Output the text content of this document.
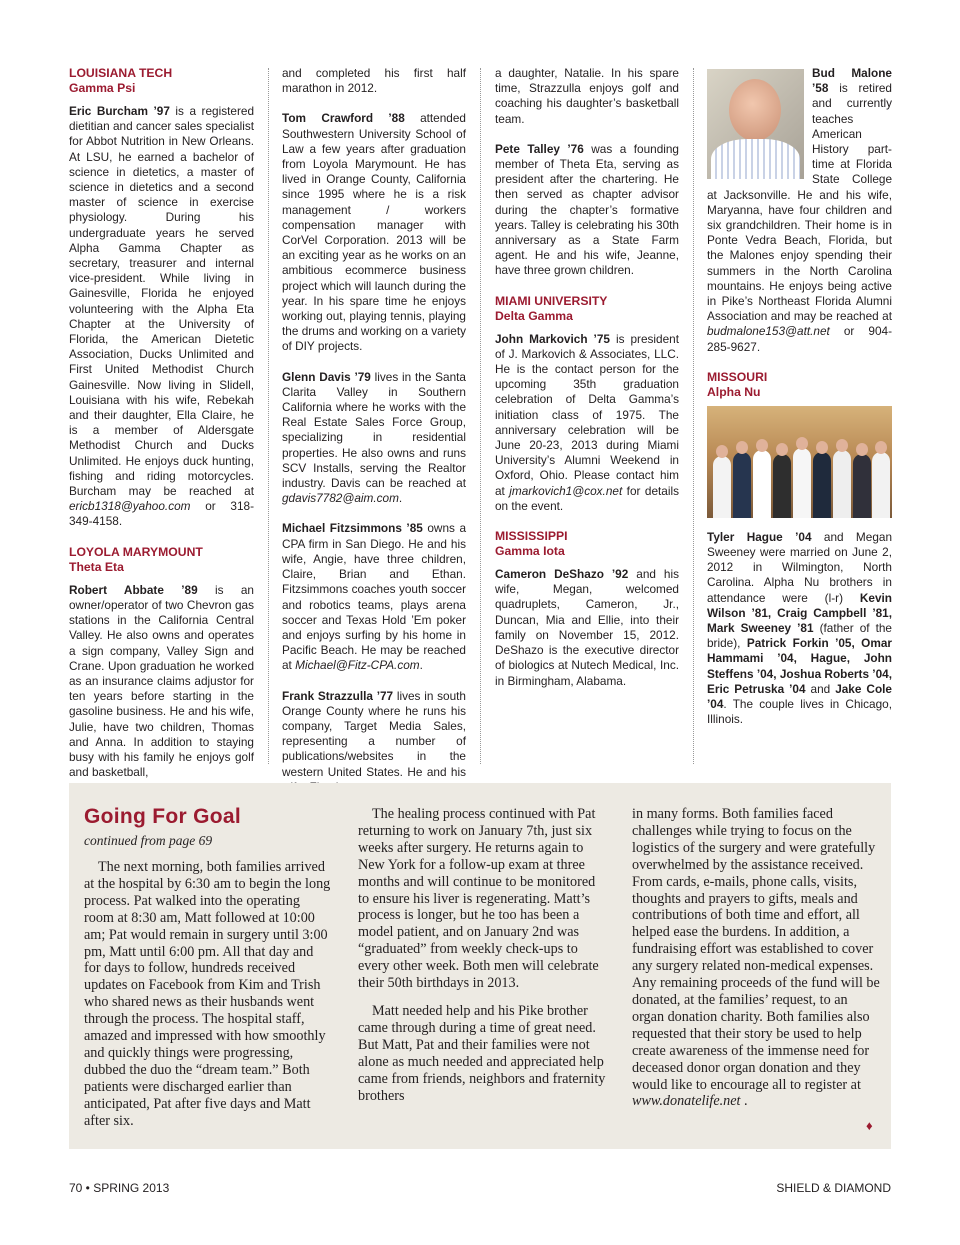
LOUISIANA TECH
Gamma Psi

Eric Burcham ’97 is a registered dietitian and cancer sales specialist for Abbot Nutrition in New Orleans. At LSU, he earned a bachelor of science in dietetics, a master of science in dietetics and a second master of science in exercise physiology. During his undergraduate years he served Alpha Gamma Chapter as secretary, treasurer and internal vice-president. While living in Gainesville, Florida he enjoyed volunteering with the Alpha Eta Chapter at the University of Florida, the American Dietetic Association, Ducks Unlimited and First United Methodist Church Gainesville. Now living in Slidell, Louisiana with his wife, Rebekah and their daughter, Ella Claire, he is a member of Aldersgate Methodist Church and Ducks Unlimited. He enjoys duck hunting, fishing and riding motorcycles. Burcham may be reached at ericb1318@yahoo.com or 318-349-4158.

LOYOLA MARYMOUNT
Theta Eta

Robert Abbate ’89 is an owner/operator of two Chevron gas stations in the California Central Valley. He also owns and operates a sign company, Valley Sign and Crane. Upon graduation he worked as an insurance claims adjustor for ten years before starting in the gasoline business. He and his wife, Julie, have two children, Thomas and Anna. In addition to staying busy with his family he enjoys golf and basketball,

and completed his first half marathon in 2012.

Tom Crawford ’88 attended Southwestern University School of Law a few years after graduation from Loyola Marymount. He has lived in Orange County, California since 1995 where he is a risk management / workers compensation manager with CorVel Corporation. 2013 will be an exciting year as he works on an ambitious ecommerce business project which will launch during the year. In his spare time he enjoys working out, playing tennis, playing the drums and working on a variety of DIY projects.

Glenn Davis ’79 lives in the Santa Clarita Valley in Southern California where he works with the Real Estate Sales Force Group, specializing in residential properties. He also owns and runs SCV Installs, serving the Realtor industry. Davis can be reached at gdavis7782@aim.com.

Michael Fitzsimmons ’85 owns a CPA firm in San Diego. He and his wife, Angie, have three children, Claire, Brian and Ethan. Fitzsimmons coaches youth soccer and robotics teams, plays arena soccer and Texas Hold ’Em poker and enjoys surfing by his home in Pacific Beach. He may be reached at Michael@Fitz-CPA.com.

Frank Strazzulla ’77 lives in south Orange County where he runs his company, Target Media Sales, representing a number of publications/websites in the western United States. He and his

a daughter, Natalie. In his spare time, Strazzulla enjoys golf and coaching his daughter’s basketball team.

Pete Talley ’76 was a founding member of Theta Eta, serving as president after the chartering. He then served as chapter advisor during the chapter’s formative years. Talley is celebrating his 30th anniversary as a State Farm agent. He and his wife, Jeanne, have three grown children.

MIAMI UNIVERSITY
Delta Gamma

John Markovich ’75 is president of J. Markovich & Associates, LLC. He is the contact person for the upcoming 35th graduation celebration of Delta Gamma’s initiation class of 1975. The anniversary celebration will be June 20-23, 2013 during Miami University’s Alumni Weekend in Oxford, Ohio. Please contact him at jmarkovich1@cox.net for details on the event.

MISSISSIPPI
Gamma Iota

Cameron DeShazo ’92 and his wife, Megan, welcomed quadruplets, Cameron, Jr., Duncan, Mia and Ellie, into their family on November 15, 2012. DeShazo is the executive director of biologics at Nutech Medical, Inc. in Birmingham, Alabama.

Bud Malone ’58 is retired and currently teaches American History part-time at Florida State College at Jacksonville. He and his wife, Maryanna, have four children and six grandchildren. Their home is in Ponte Vedra Beach, Florida, but the Malones enjoy spending their summers in the North Carolina mountains. He enjoys being active in Pike’s Northeast Florida Alumni Association and may be reached at budmalone153@att.net or 904-285-9627.

MISSOURI
Alpha Nu

Tyler Hague ’04 and Megan Sweeney were married on June 2, 2012 in Wilmington, North Carolina. Alpha Nu brothers in attendance were (l-r) Kevin Wilson ’81, Craig Campbell ’81, Mark Sweeney ’81 (father of the bride), Patrick Forkin ’05, Omar Hammami ’04, Hague, John Steffens ’04, Joshua Roberts ’04, Eric Petruska ’04 and Jake Cole ’04. The couple lives in Chicago, Illinois.

Going For Goal
continued from page 69

The next morning, both families arrived at the hospital by 6:30 am to begin the long process. Pat walked into the operating room at 8:30 am, Matt followed at 10:00 am; Pat would remain in surgery until 3:00 pm, Matt until 6:00 pm. All that day and for days to follow, hundreds received updates on Facebook from Kim and Trish who shared news as their husbands went through the process. The hospital staff, amazed and impressed with how smoothly and quickly things were progressing, dubbed the duo the “dream team.” Both patients were discharged earlier than anticipated, Pat after five days and Matt after six.

The healing process continued with Pat returning to work on January 7th, just six weeks after surgery. He returns again to New York for a follow-up exam at three months and will continue to be monitored to ensure his liver is regenerating. Matt’s process is longer, but he too has been a model patient, and on January 2nd was “graduated” from weekly check-ups to every other week. Both men will celebrate their 50th birthdays in 2013.

Matt needed help and his Pike brother came through during a time of great need. But Matt, Pat and their families were not alone as much needed and appreciated help came from friends, neighbors and fraternity brothers

in many forms. Both families faced challenges while trying to focus on the logistics of the surgery and were gratefully overwhelmed by the assistance received. From cards, e-mails, phone calls, visits, thoughts and prayers to gifts, meals and contributions of both time and effort, all helped ease the burdens. In addition, a fundraising effort was established to cover any surgery related non-medical expenses. Any remaining proceeds of the fund will be donated, at the families’ request, to an organ donation charity. Both families also requested that their story be used to help create awareness of the immense need for deceased donor organ donation and they would like to encourage all to register at www.donatelife.net .

♦
70 • SPRING 2013	SHIELD & DIAMOND
